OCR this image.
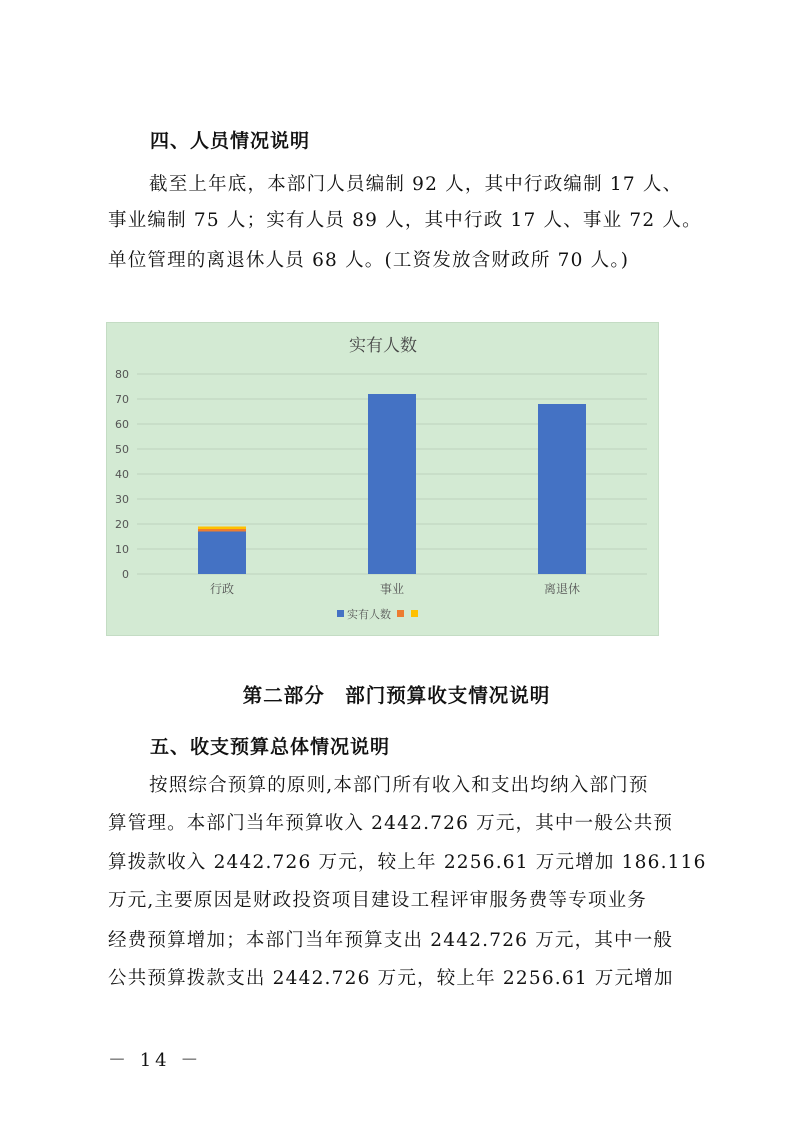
四、人员情况说明
截至上年底，本部门人员编制 92 人，其中行政编制 17 人、
事业编制 75 人；实有人员 89 人，其中行政 17 人、事业 72 人。
单位管理的离退休人员 68 人。(工资发放含财政所 70 人。)
实有人数
0
10
20
30
40
50
60
70
80
行政	事业	离退休
实有人数
第二部分　部门预算收支情况说明
五、收支预算总体情况说明
按照综合预算的原则,本部门所有收入和支出均纳入部门预
算管理。本部门当年预算收入 2442.726 万元，其中一般公共预
算拨款收入 2442.726 万元，较上年 2256.61 万元增加 186.116
万元,主要原因是财政投资项目建设工程评审服务费等专项业务
经费预算增加；本部门当年预算支出 2442.726 万元，其中一般
公共预算拨款支出 2442.726 万元，较上年 2256.61 万元增加
－ 14 －
